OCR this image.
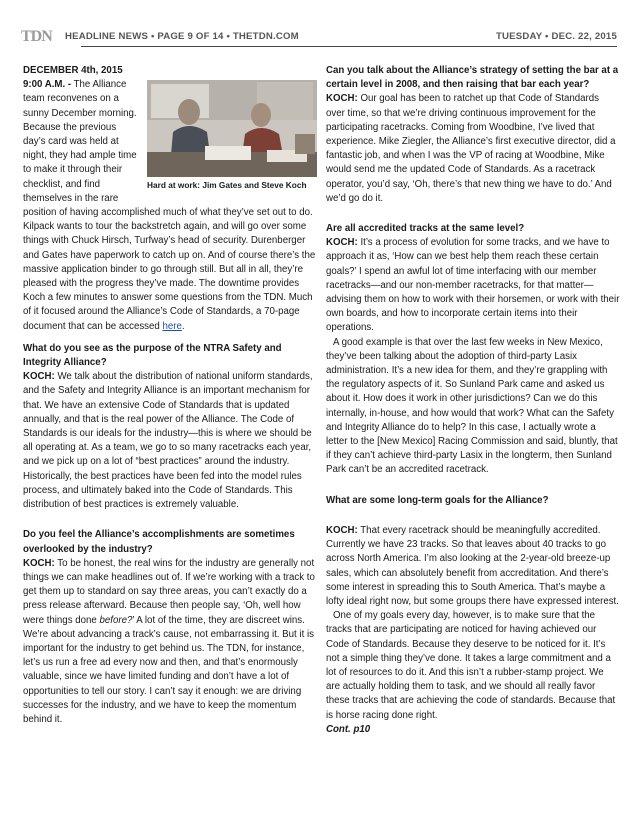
TDN HEADLINE NEWS • PAGE 9 OF 14 • THETDN.COM	TUESDAY • DEC. 22, 2015

DECEMBER 4th, 2015

Hard at work: Jim Gates and Steve Koch

9:00 A.M. - The Alliance team reconvenes on a sunny December morning. Because the previous day’s card was held at night, they had ample time to make it through their checklist, and find themselves in the rare position of having accomplished much of what they’ve set out to do. Kilpack wants to tour the backstretch again, and will go over some things with Chuck Hirsch, Turfway’s head of security. Durenberger and Gates have paperwork to catch up on. And of course there’s the massive application binder to go through still. But all in all, they’re pleased with the progress they’ve made. The downtime provides Koch a few minutes to answer some questions from the TDN. Much of it focused around the Alliance’s Code of Standards, a 70-page document that can be accessed here.

What do you see as the purpose of the NTRA Safety and Integrity Alliance?

KOCH: We talk about the distribution of national uniform standards, and the Safety and Integrity Alliance is an important mechanism for that. We have an extensive Code of Standards that is updated annually, and that is the real power of the Alliance. The Code of Standards is our ideals for the industry—this is where we should be all operating at. As a team, we go to so many racetracks each year, and we pick up on a lot of “best practices” around the industry. Historically, the best practices have been fed into the model rules process, and ultimately baked into the Code of Standards. This distribution of best practices is extremely valuable.

Do you feel the Alliance’s accomplishments are sometimes overlooked by the industry?

KOCH: To be honest, the real wins for the industry are generally not things we can make headlines out of. If we’re working with a track to get them up to standard on say three areas, you can’t exactly do a press release afterward. Because then people say, ‘Oh, well how were things done before?’ A lot of the time, they are discreet wins. We’re about advancing a track’s cause, not embarrassing it. But it is important for the industry to get behind us. The TDN, for instance, let’s us run a free ad every now and then, and that’s enormously valuable, since we have limited funding and don’t have a lot of opportunities to tell our story. I can’t say it enough: we are driving successes for the industry, and we have to keep the momentum behind it.

Can you talk about the Alliance’s strategy of setting the bar at a certain level in 2008, and then raising that bar each year?

KOCH: Our goal has been to ratchet up that Code of Standards over time, so that we’re driving continuous improvement for the participating racetracks. Coming from Woodbine, I’ve lived that experience. Mike Ziegler, the Alliance’s first executive director, did a fantastic job, and when I was the VP of racing at Woodbine, Mike would send me the updated Code of Standards. As a racetrack operator, you’d say, ‘Oh, there’s that new thing we have to do.’ And we’d go do it.

Are all accredited tracks at the same level?

KOCH: It’s a process of evolution for some tracks, and we have to approach it as, ‘How can we best help them reach these certain goals?’ I spend an awful lot of time interfacing with our member racetracks—and our non-member racetracks, for that matter—advising them on how to work with their horsemen, or work with their own boards, and how to incorporate certain items into their operations.

A good example is that over the last few weeks in New Mexico, they’ve been talking about the adoption of third-party Lasix administration. It’s a new idea for them, and they’re grappling with the regulatory aspects of it. So Sunland Park came and asked us about it. How does it work in other jurisdictions? Can we do this internally, in-house, and how would that work? What can the Safety and Integrity Alliance do to help? In this case, I actually wrote a letter to the [New Mexico] Racing Commission and said, bluntly, that if they can’t achieve third-party Lasix in the longterm, then Sunland Park can’t be an accredited racetrack.

What are some long-term goals for the Alliance?

KOCH: That every racetrack should be meaningfully accredited. Currently we have 23 tracks. So that leaves about 40 tracks to go across North America. I’m also looking at the 2-year-old breeze-up sales, which can absolutely benefit from accreditation. And there’s some interest in spreading this to South America. That’s maybe a lofty ideal right now, but some groups there have expressed interest.

One of my goals every day, however, is to make sure that the tracks that are participating are noticed for having achieved our Code of Standards. Because they deserve to be noticed for it. It’s not a simple thing they’ve done. It takes a large commitment and a lot of resources to do it. And this isn’t a rubber-stamp project. We are actually holding them to task, and we should all really favor these tracks that are achieving the code of standards. Because that is horse racing done right.

Cont. p10
